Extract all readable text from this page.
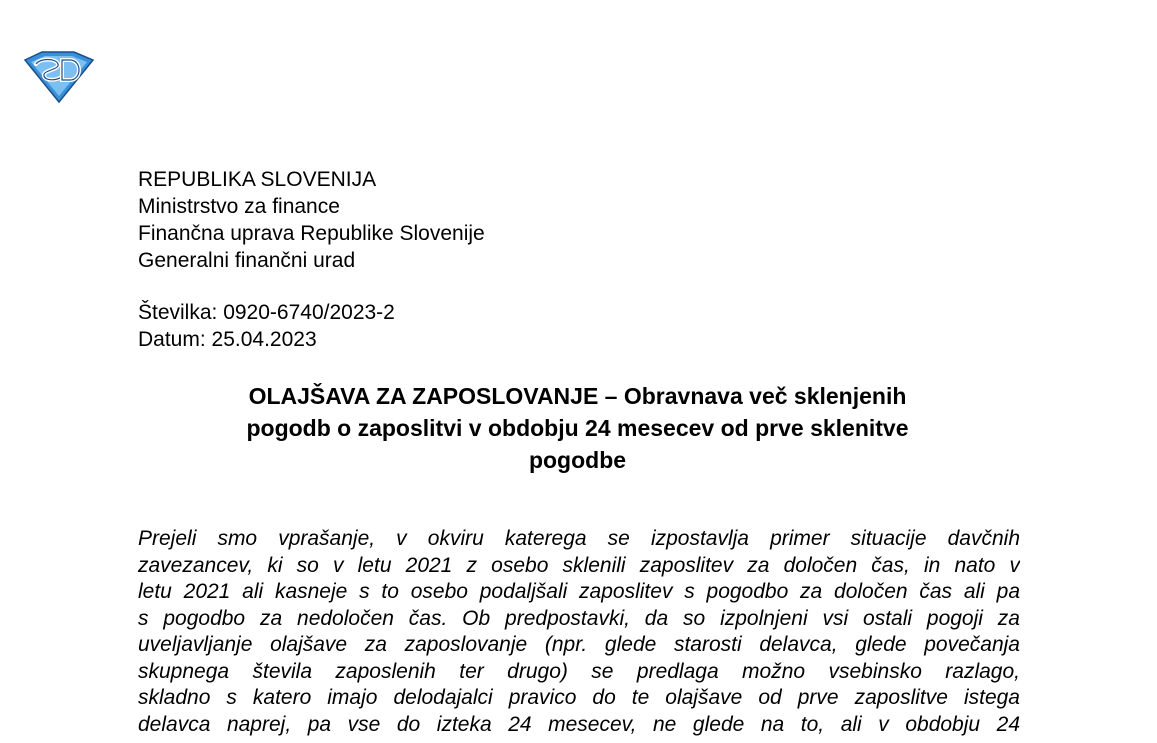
REPUBLIKA SLOVENIJA
Ministrstvo za finance
Finančna uprava Republike Slovenije
Generalni finančni urad
Številka: 0920-6740/2023-2
Datum: 25.04.2023
OLAJŠAVA ZA ZAPOSLOVANJE – Obravnava več sklenjenih
pogodb o zaposlitvi v obdobju 24 mesecev od prve sklenitve
pogodbe
Prejeli smo vprašanje, v okviru katerega se izpostavlja primer situacije davčnih
zavezancev, ki so v letu 2021 z osebo sklenili zaposlitev za določen čas, in nato v
letu 2021 ali kasneje s to osebo podaljšali zaposlitev s pogodbo za določen čas ali pa
s pogodbo za nedoločen čas. Ob predpostavki, da so izpolnjeni vsi ostali pogoji za
uveljavljanje olajšave za zaposlovanje (npr. glede starosti delavca, glede povečanja
skupnega števila zaposlenih ter drugo) se predlaga možno vsebinsko razlago,
skladno s katero imajo delodajalci pravico do te olajšave od prve zaposlitve istega
delavca naprej, pa vse do izteka 24 mesecev, ne glede na to, ali v obdobju 24
